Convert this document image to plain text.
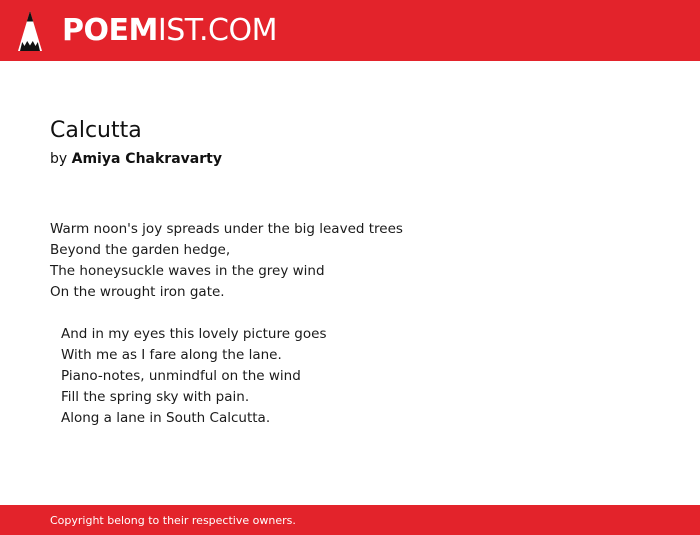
POEMIST.COM
Calcutta
by Amiya Chakravarty

Warm noon's joy spreads under the big leaved trees
Beyond the garden hedge,
The honeysuckle waves in the grey wind
On the wrought iron gate.

And in my eyes this lovely picture goes
With me as I fare along the lane.
Piano-notes, unmindful on the wind
Fill the spring sky with pain.
Along a lane in South Calcutta.

Copyright belong to their respective owners.
